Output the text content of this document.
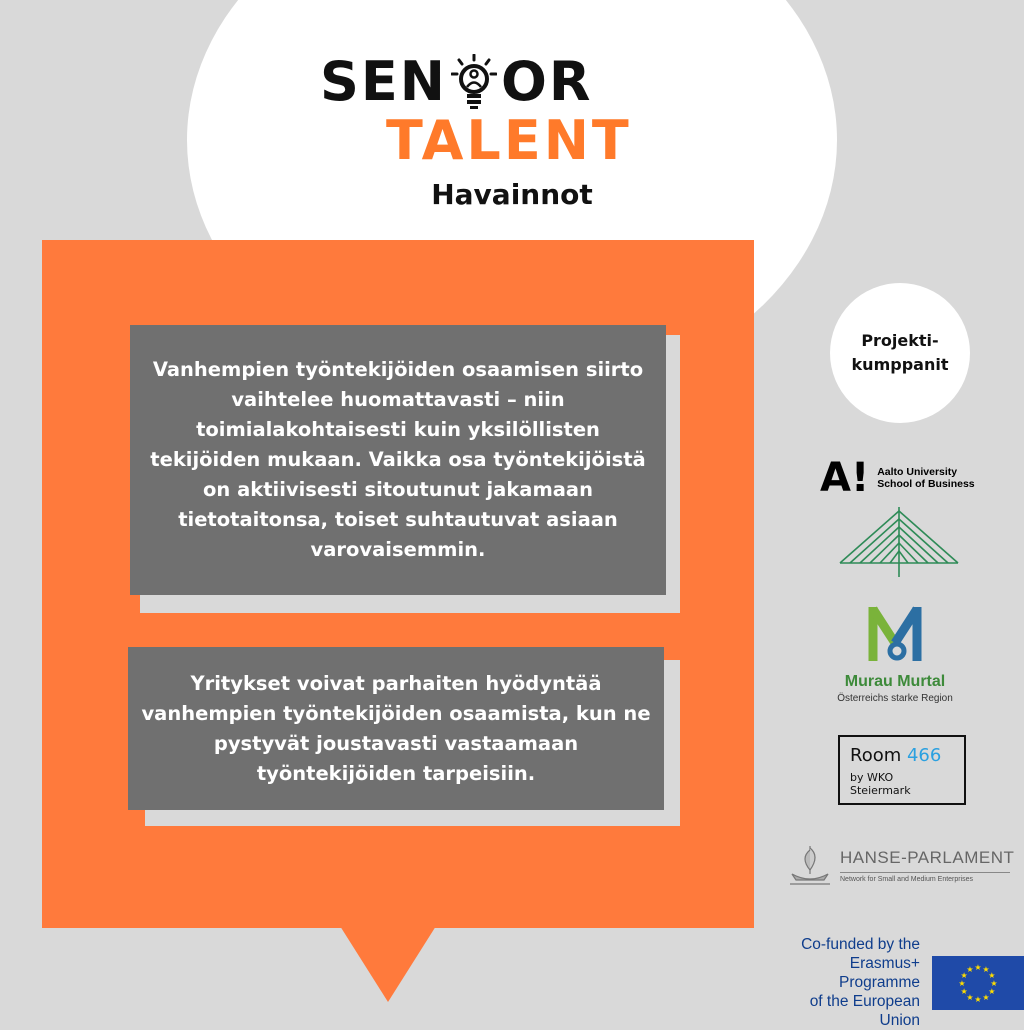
SEN OR
TALENT
Havainnot
Vanhempien työntekijöiden osaamisen siirto vaihtelee huomattavasti – niin toimialakohtaisesti kuin yksilöllisten tekijöiden mukaan. Vaikka osa työntekijöistä on aktiivisesti sitoutunut jakamaan tietotaitonsa, toiset suhtautuvat asiaan varovaisemmin.
Yritykset voivat parhaiten hyödyntää vanhempien työntekijöiden osaamista, kun ne pystyvät joustavasti vastaamaan työntekijöiden tarpeisiin.
Projekti-
kumppanit
A! Aalto University
School of Business
Murau Murtal
Österreichs starke Region
Room 466
by WKO Steiermark
HANSE-PARLAMENT
Network for Small and Medium Enterprises
Co-funded by the
Erasmus+ Programme
of the European Union
★ ★
★
★
★
★
★
★
★
★
★
★
